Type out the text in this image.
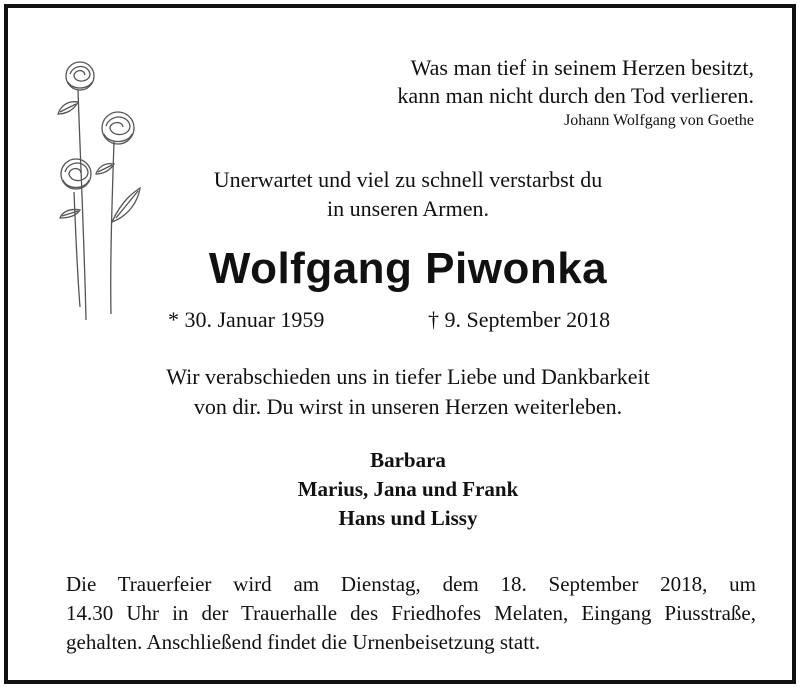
Was man tief in seinem Herzen besitzt,
kann man nicht durch den Tod verlieren.
Johann Wolfgang von Goethe
Unerwartet und viel zu schnell verstarbst du
in unseren Armen.
Wolfgang Piwonka
* 30. Januar 1959	† 9. September 2018
Wir verabschieden uns in tiefer Liebe und Dankbarkeit
von dir. Du wirst in unseren Herzen weiterleben.
Barbara
Marius, Jana und Frank
Hans und Lissy
Die Trauerfeier wird am Dienstag, dem 18. September 2018, um
14.30 Uhr in der Trauerhalle des Friedhofes Melaten, Eingang Piusstraße,
gehalten. Anschließend findet die Urnenbeisetzung statt.
